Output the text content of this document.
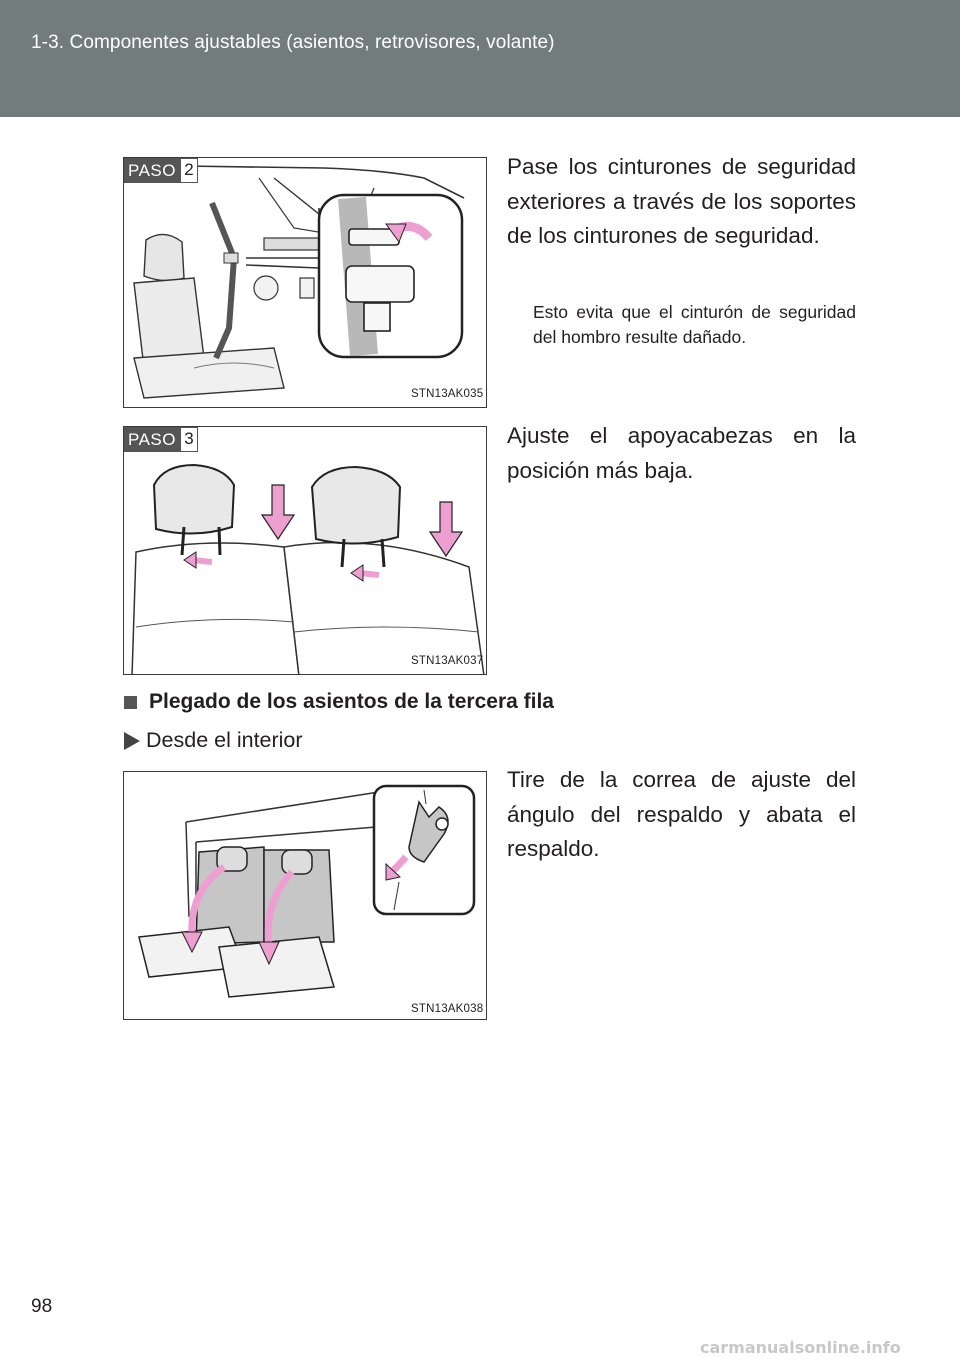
1-3. Componentes ajustables (asientos, retrovisores, volante)
PASO 2
STN13AK035
Pase los cinturones de seguridad exteriores a través de los soportes de los cinturones de seguridad.
Esto evita que el cinturón de seguridad del hombro resulte dañado.
PASO 3
STN13AK037
Ajuste el apoyacabezas en la posición más baja.
Plegado de los asientos de la tercera fila
Desde el interior
STN13AK038
Tire de la correa de ajuste del ángulo del respaldo y abata el respaldo.
98
carmanualsonline.info
